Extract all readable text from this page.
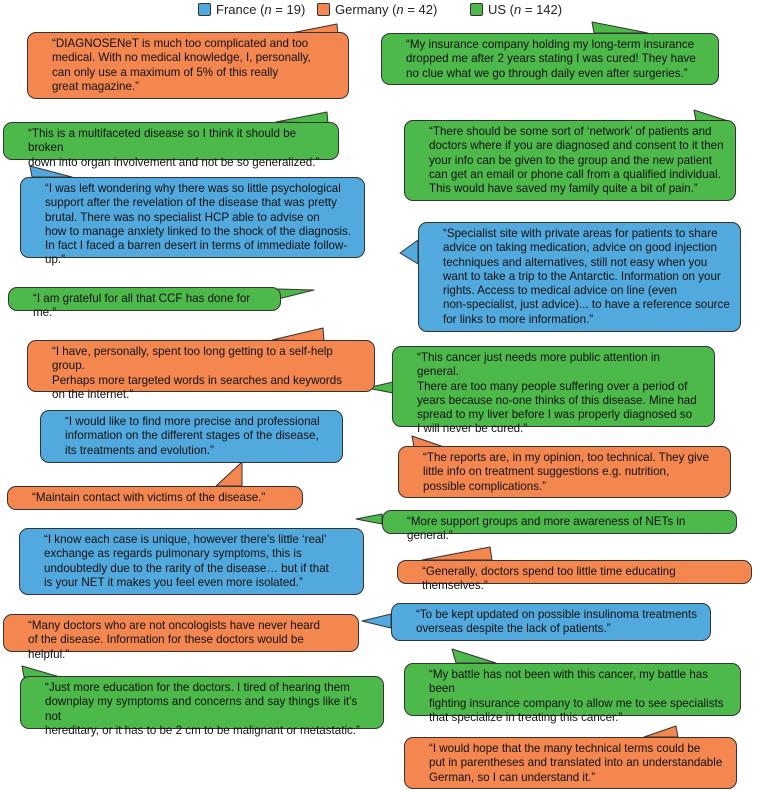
France (n = 19) Germany (n = 42)	US (n = 142)
“DIAGNOSENeT is much too complicated and too
medical. With no medical knowledge, I, personally,
can only use a maximum of 5% of this really
great magazine.”
“My insurance company holding my long-term insurance
dropped me after 2 years stating I was cured! They have
no clue what we go through daily even after surgeries.”
“This is a multifaceted disease so I think it should be broken
down into organ involvement and not be so generalized.”
“There should be some sort of ‘network’ of patients and
doctors where if you are diagnosed and consent to it then
your info can be given to the group and the new patient
can get an email or phone call from a qualified individual.
This would have saved my family quite a bit of pain.”
“I was left wondering why there was so little psychological
support after the revelation of the disease that was pretty
brutal. There was no specialist HCP able to advise on
how to manage anxiety linked to the shock of the diagnosis.
In fact I faced a barren desert in terms of immediate follow-up.”
“Specialist site with private areas for patients to share
advice on taking medication, advice on good injection
techniques and alternatives, still not easy when you
want to take a trip to the Antarctic. Information on your
rights. Access to medical advice on line (even
non-specialist, just advice)... to have a reference source
for links to more information.”
“I am grateful for all that CCF has done for me.”
“I have, personally, spent too long getting to a self-help group.
Perhaps more targeted words in searches and keywords
on the internet.”
“This cancer just needs more public attention in general.
There are too many people suffering over a period of
years because no-one thinks of this disease. Mine had
spread to my liver before I was properly diagnosed so
I will never be cured.”
“I would like to find more precise and professional
information on the different stages of the disease,
its treatments and evolution.”
“The reports are, in my opinion, too technical. They give
little info on treatment suggestions e.g. nutrition,
possible complications.”
“Maintain contact with victims of the disease.”
“More support groups and more awareness of NETs in general.”
“I know each case is unique, however there's little ‘real’
exchange as regards pulmonary symptoms, this is
undoubtedly due to the rarity of the disease… but if that
is your NET it makes you feel even more isolated.”
“Generally, doctors spend too little time educating themselves.”
“Many doctors who are not oncologists have never heard
of the disease. Information for these doctors would be helpful.”
“To be kept updated on possible insulinoma treatments
overseas despite the lack of patients.”
“My battle has not been with this cancer, my battle has been
fighting insurance company to allow me to see specialists
that specialize in treating this cancer.”
“Just more education for the doctors. I tired of hearing them
downplay my symptoms and concerns and say things like it's not
hereditary, or it has to be 2 cm to be malignant or metastatic.”
“I would hope that the many technical terms could be
put in parentheses and translated into an understandable
German, so I can understand it.”
